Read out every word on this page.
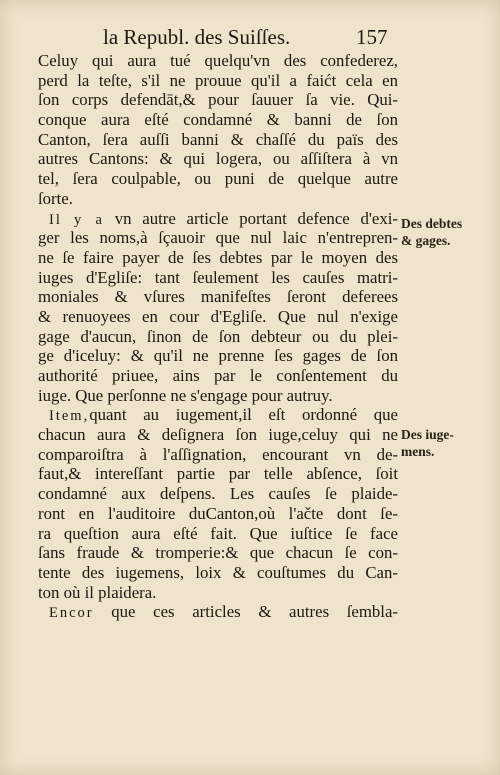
la Republ. des Suiſſes.	157
Celuy qui aura tué quelqu'vn des confederez,
perd la teſte, s'il ne prouue qu'il a faićt cela en
ſon corps defendāt,& pour ſauuer ſa vie. Qui-
conque aura eſté condamné & banni de ſon
Canton, ſera auſſi banni & chaſſé du païs des
autres Cantons: & qui logera, ou aſſiſtera à vn
tel, ſera coulpable, ou puni de quelque autre
ſorte.
Il y a vn autre article portant defence d'exi-
ger les noms,à ſçauoir que nul laic n'entrepren-
ne ſe faire payer de ſes debtes par le moyen des
iuges d'Egliſe: tant ſeulement les cauſes matri-
moniales & vſures manifeſtes ſeront deferees
& renuoyees en cour d'Egliſe. Que nul n'exige
gage d'aucun, ſinon de ſon debteur ou du plei-
ge d'iceluy: & qu'il ne prenne ſes gages de ſon
authorité priuee, ains par le conſentement du
iuge. Que perſonne ne s'engage pour autruy.
Item,quant au iugement,il eſt ordonné que
chacun aura & deſignera ſon iuge,celuy qui ne
comparoiſtra à l'aſſignation, encourant vn de-
faut,& intereſſant partie par telle abſence, ſoit
condamné aux deſpens. Les cauſes ſe plaide-
ront en l'auditoire duCanton,où l'ačte dont ſe-
ra queſtion aura eſté fait. Que iuſtice ſe face
ſans fraude & tromperie:& que chacun ſe con-
tente des iugemens, loix & couſtumes du Can-
ton où il plaidera.
Encor que ces articles & autres ſembla-
Des debtes
& gages.
Des iuge-
mens.
